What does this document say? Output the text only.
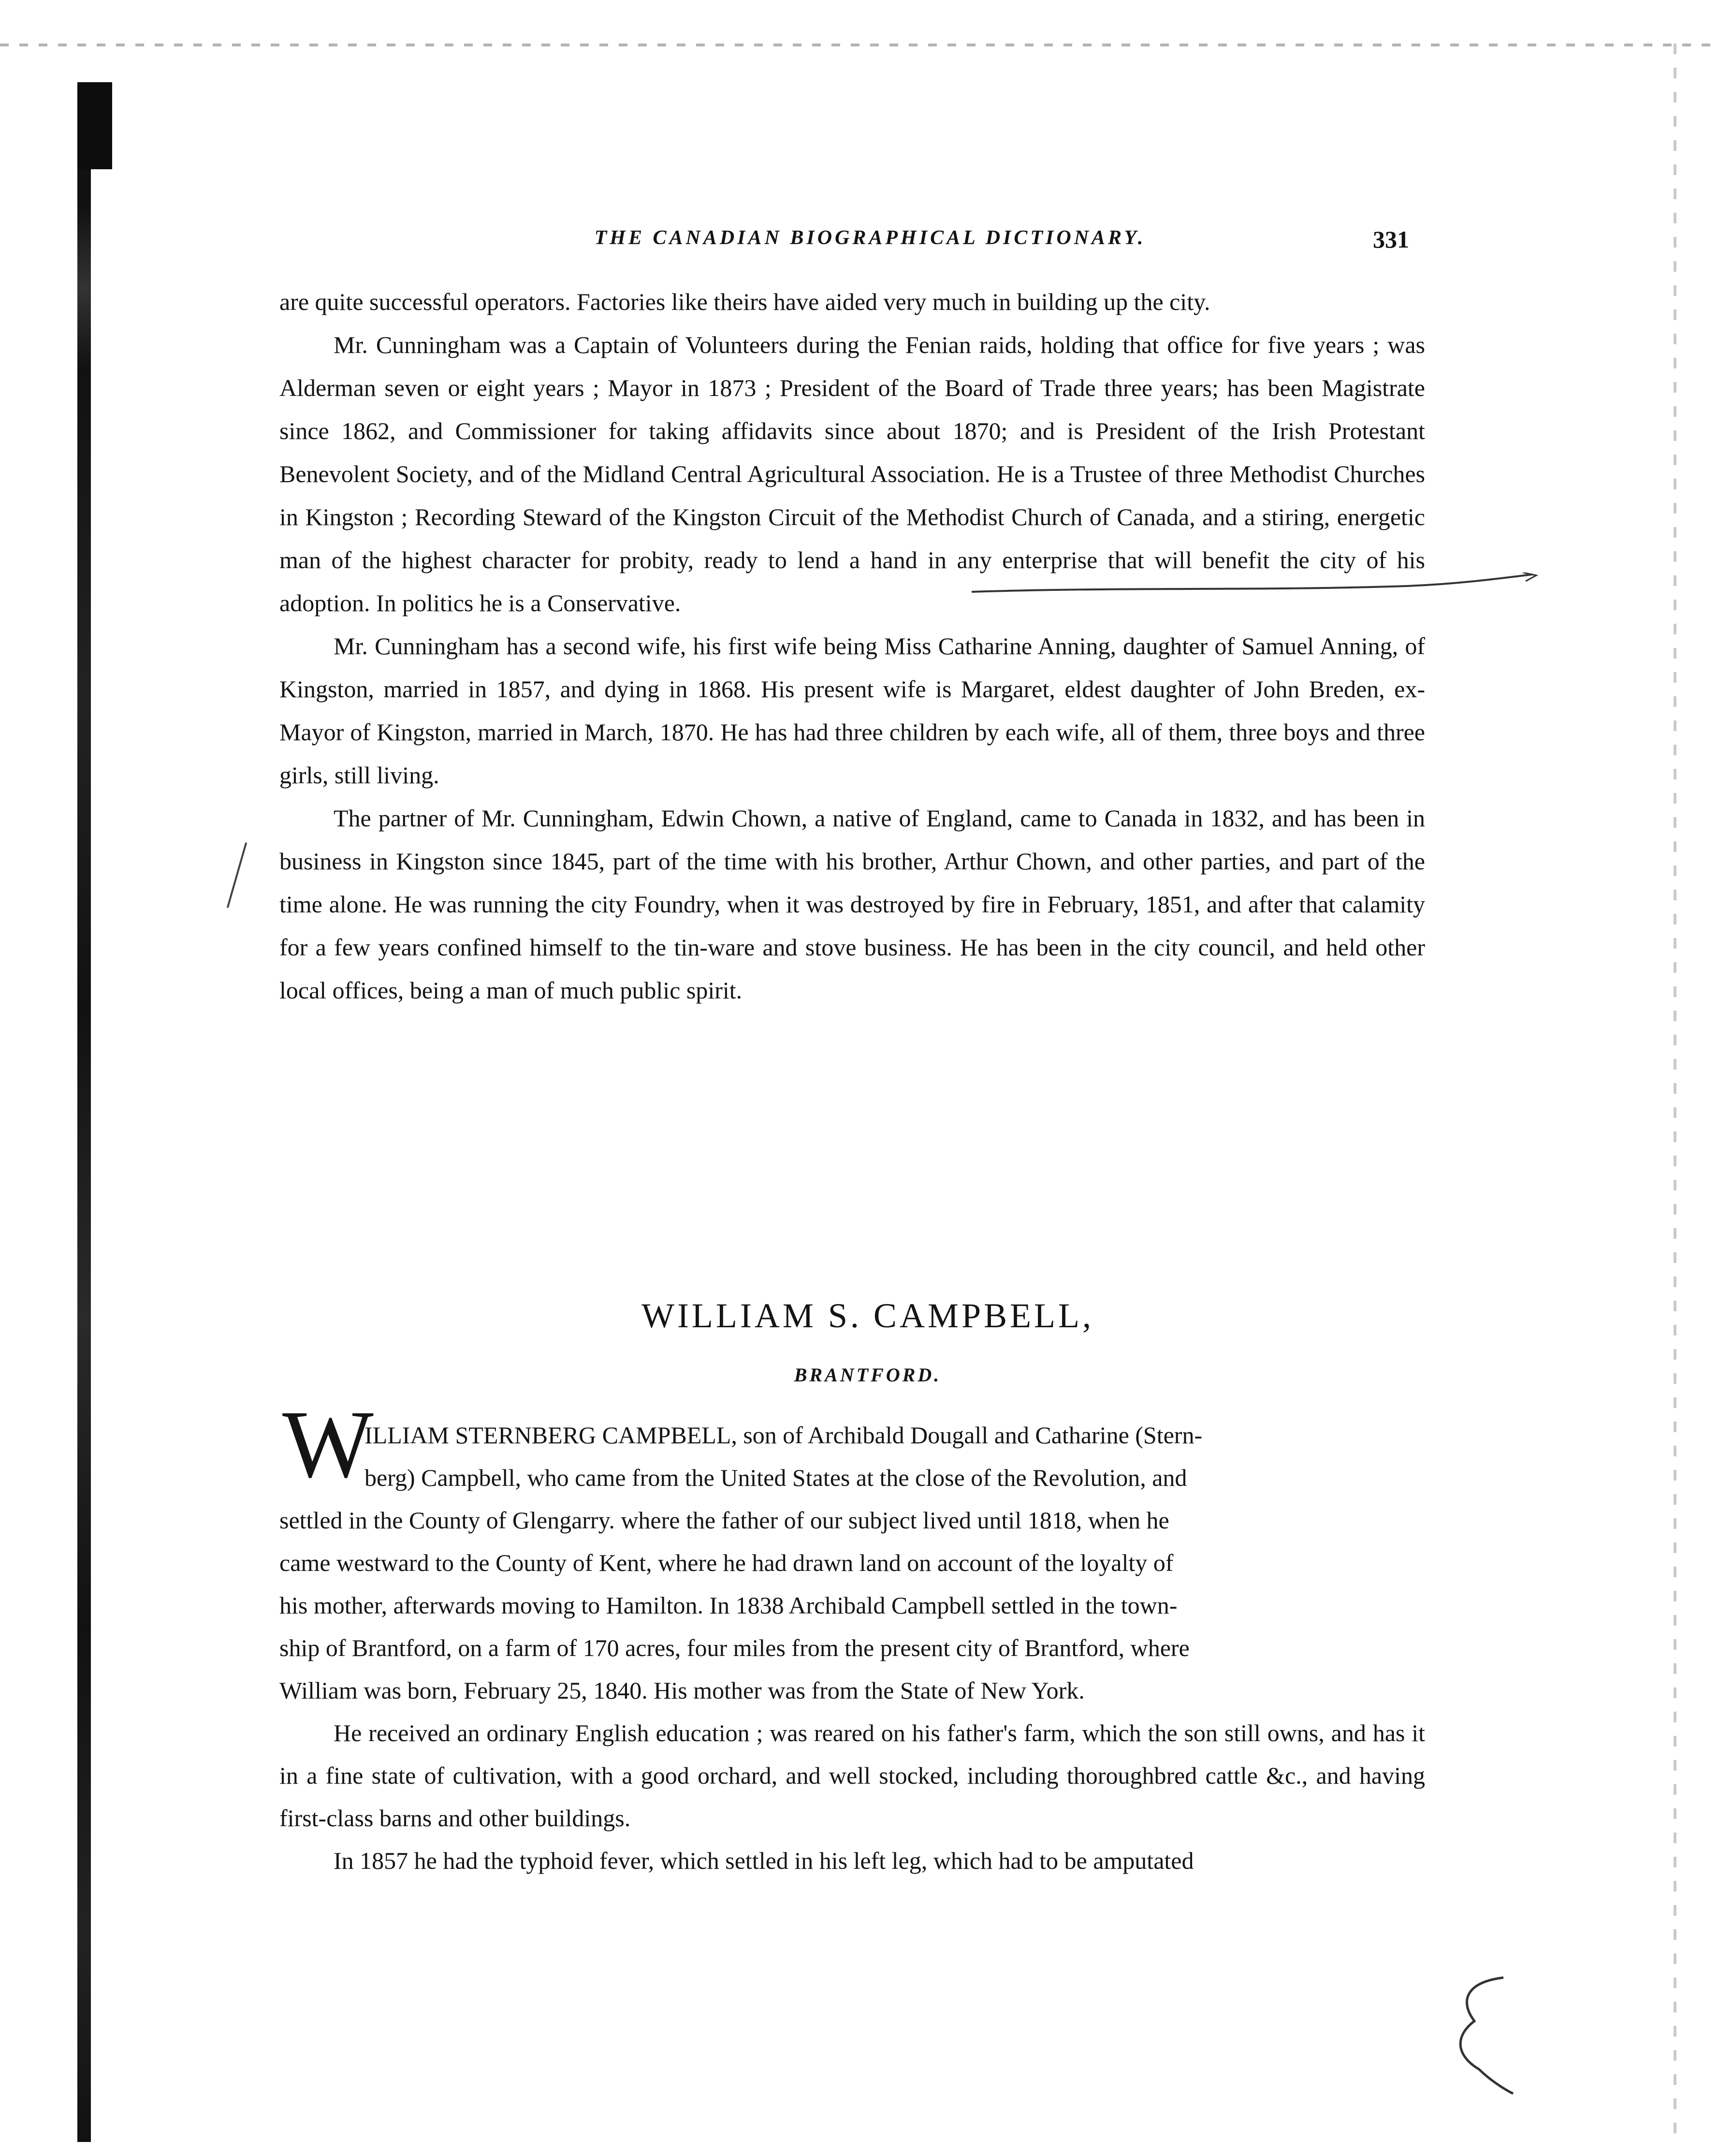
THE CANADIAN BIOGRAPHICAL DICTIONARY.	331

are quite successful operators. Factories like theirs have aided very much in building up the city.

Mr. Cunningham was a Captain of Volunteers during the Fenian raids, holding that office for five years ; was Alderman seven or eight years ; Mayor in 1873 ; President of the Board of Trade three years; has been Magistrate since 1862, and Commissioner for taking affidavits since about 1870; and is President of the Irish Protestant Benevolent Society, and of the Midland Central Agricultural Association. He is a Trustee of three Methodist Churches in Kingston ; Recording Steward of the Kingston Circuit of the Methodist Church of Canada, and a stiring, energetic man of the highest character for probity, ready to lend a hand in any enterprise that will benefit the city of his adoption. In politics he is a Conservative.

Mr. Cunningham has a second wife, his first wife being Miss Catharine Anning, daughter of Samuel Anning, of Kingston, married in 1857, and dying in 1868. His present wife is Margaret, eldest daughter of John Breden, ex-Mayor of Kingston, married in March, 1870. He has had three children by each wife, all of them, three boys and three girls, still living.

The partner of Mr. Cunningham, Edwin Chown, a native of England, came to Canada in 1832, and has been in business in Kingston since 1845, part of the time with his brother, Arthur Chown, and other parties, and part of the time alone. He was running the city Foundry, when it was destroyed by fire in February, 1851, and after that calamity for a few years confined himself to the tin-ware and stove business. He has been in the city council, and held other local offices, being a man of much public spirit.

WILLIAM S. CAMPBELL,
BRANTFORD.
W
ILLIAM STERNBERG CAMPBELL, son of Archibald Dougall and Catharine (Stern-
berg) Campbell, who came from the United States at the close of the Revolution, and
settled in the County of Glengarry. where the father of our subject lived until 1818, when he
came westward to the County of Kent, where he had drawn land on account of the loyalty of
his mother, afterwards moving to Hamilton. In 1838 Archibald Campbell settled in the town-
ship of Brantford, on a farm of 170 acres, four miles from the present city of Brantford, where
William was born, February 25, 1840. His mother was from the State of New York.

He received an ordinary English education ; was reared on his father's farm, which the son still owns, and has it in a fine state of cultivation, with a good orchard, and well stocked, including thoroughbred cattle &c., and having first-class barns and other buildings.

In 1857 he had the typhoid fever, which settled in his left leg, which had to be amputated
